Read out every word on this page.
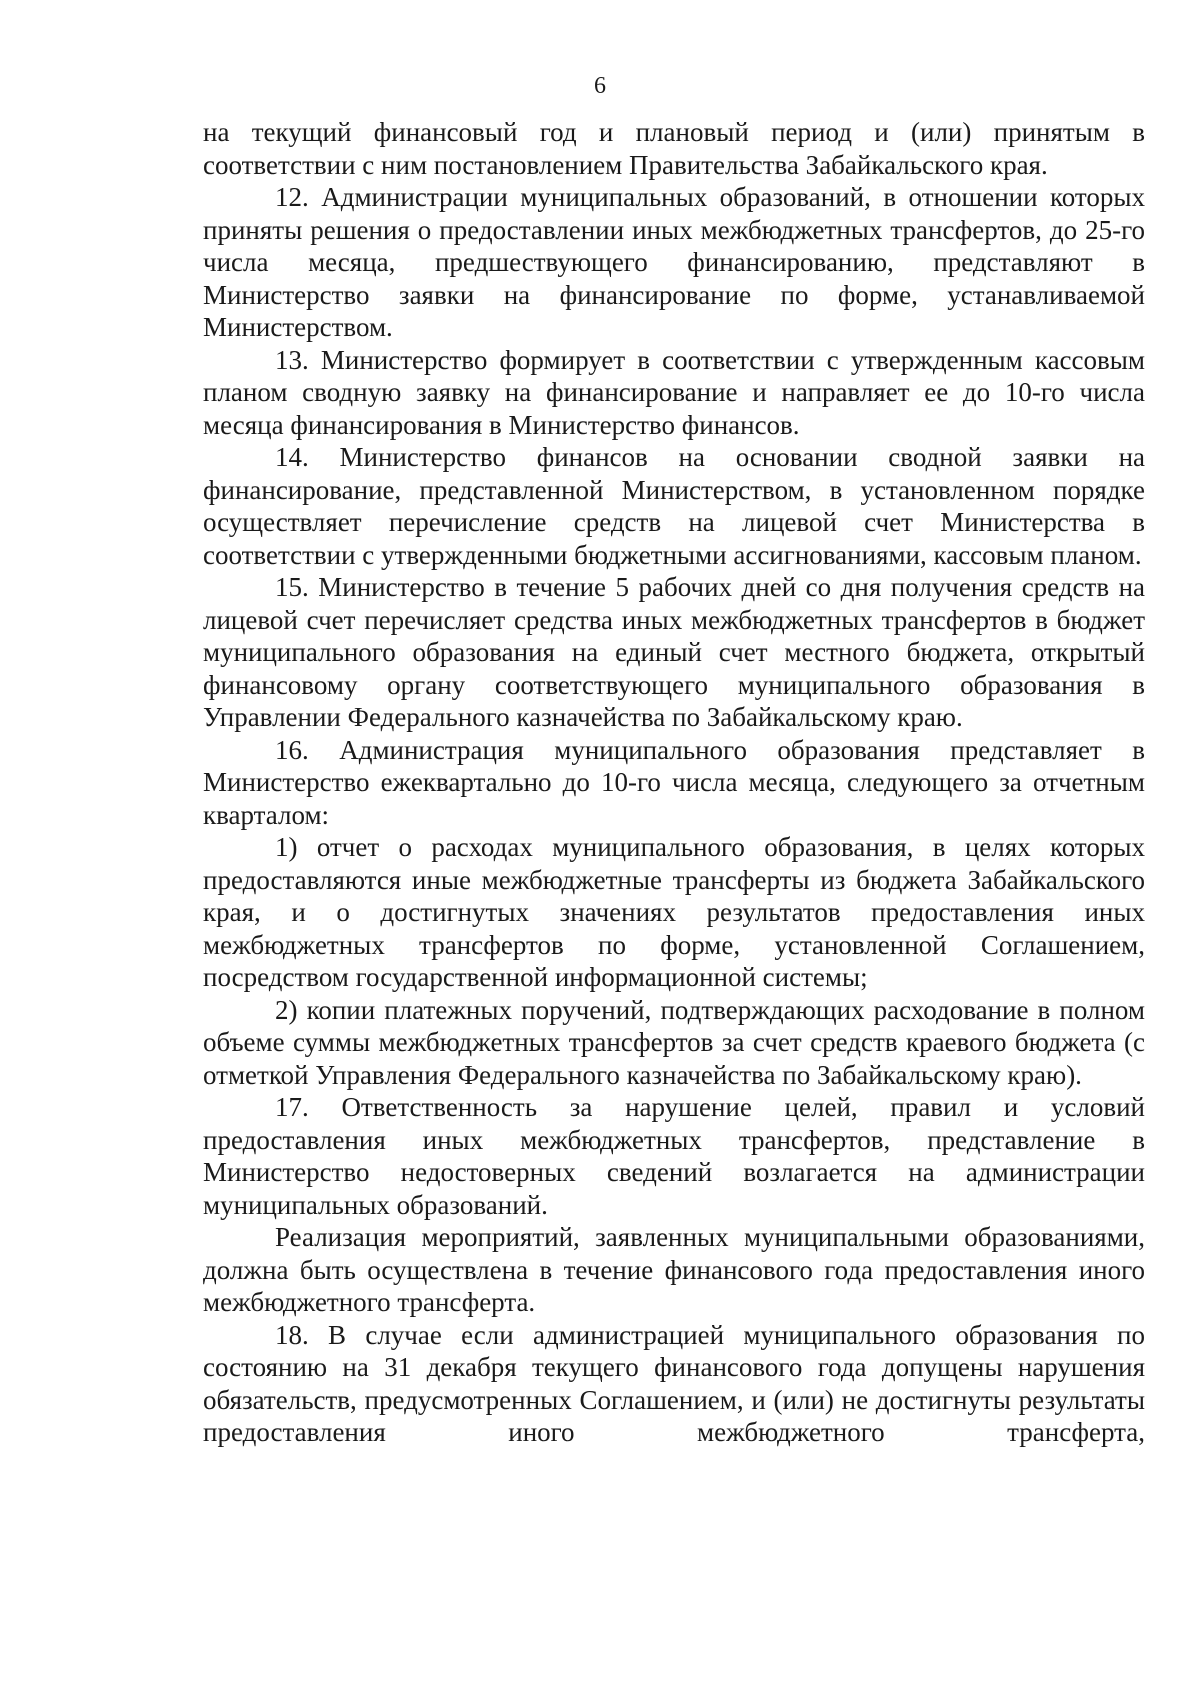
6

на текущий финансовый год и плановый период и (или) принятым в соответствии с ним постановлением Правительства Забайкальского края.

12. Администрации муниципальных образований, в отношении которых приняты решения о предоставлении иных межбюджетных трансфертов, до 25-го числа месяца, предшествующего финансированию, представляют в Министерство заявки на финансирование по форме, устанавливаемой Министерством.

13. Министерство формирует в соответствии с утвержденным кассовым планом сводную заявку на финансирование и направляет ее до 10-го числа месяца финансирования в Министерство финансов.

14. Министерство финансов на основании сводной заявки на финансирование, представленной Министерством, в установленном порядке осуществляет перечисление средств на лицевой счет Министерства в соответствии с утвержденными бюджетными ассигнованиями, кассовым планом.

15. Министерство в течение 5 рабочих дней со дня получения средств на лицевой счет перечисляет средства иных межбюджетных трансфертов в бюджет муниципального образования на единый счет местного бюджета, открытый финансовому органу соответствующего муниципального образования в Управлении Федерального казначейства по Забайкальскому краю.

16. Администрация муниципального образования представляет в Министерство ежеквартально до 10-го числа месяца, следующего за отчетным кварталом:

1) отчет о расходах муниципального образования, в целях которых предоставляются иные межбюджетные трансферты из бюджета Забайкальского края, и о достигнутых значениях результатов предоставления иных межбюджетных трансфертов по форме, установленной Соглашением, посредством государственной информационной системы;

2) копии платежных поручений, подтверждающих расходование в полном объеме суммы межбюджетных трансфертов за счет средств краевого бюджета (с отметкой Управления Федерального казначейства по Забайкальскому краю).

17. Ответственность за нарушение целей, правил и условий предоставления иных межбюджетных трансфертов, представление в Министерство недостоверных сведений возлагается на администрации муниципальных образований.

Реализация мероприятий, заявленных муниципальными образованиями, должна быть осуществлена в течение финансового года предоставления иного межбюджетного трансферта.

18. В случае если администрацией муниципального образования по состоянию на 31 декабря текущего финансового года допущены нарушения обязательств, предусмотренных Соглашением, и (или) не достигнуты результаты предоставления иного межбюджетного трансферта,
